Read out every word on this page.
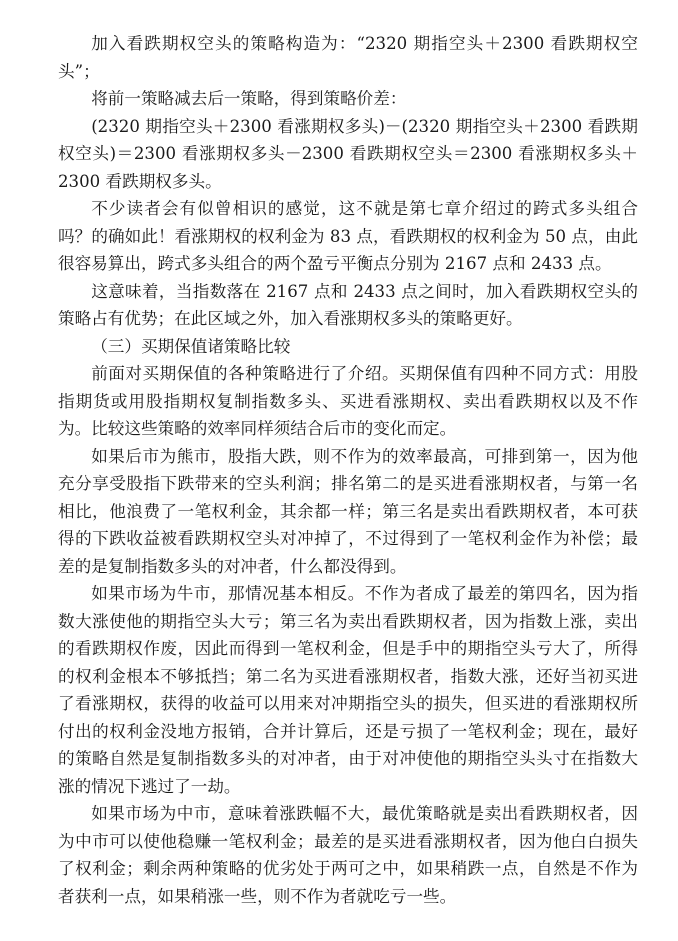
加入看跌期权空头的策略构造为：“2320 期指空头＋2300 看跌期权空头”；

将前一策略减去后一策略，得到策略价差：

(2320 期指空头＋2300 看涨期权多头)－(2320 期指空头＋2300 看跌期权空头)＝2300 看涨期权多头－2300 看跌期权空头＝2300 看涨期权多头＋2300 看跌期权多头。

不少读者会有似曾相识的感觉，这不就是第七章介绍过的跨式多头组合吗？的确如此！看涨期权的权利金为 83 点，看跌期权的权利金为 50 点，由此很容易算出，跨式多头组合的两个盈亏平衡点分别为 2167 点和 2433 点。

这意味着，当指数落在 2167 点和 2433 点之间时，加入看跌期权空头的策略占有优势；在此区域之外，加入看涨期权多头的策略更好。

（三）买期保值诸策略比较

前面对买期保值的各种策略进行了介绍。买期保值有四种不同方式：用股指期货或用股指期权复制指数多头、买进看涨期权、卖出看跌期权以及不作为。比较这些策略的效率同样须结合后市的变化而定。

如果后市为熊市，股指大跌，则不作为的效率最高，可排到第一，因为他充分享受股指下跌带来的空头利润；排名第二的是买进看涨期权者，与第一名相比，他浪费了一笔权利金，其余都一样；第三名是卖出看跌期权者，本可获得的下跌收益被看跌期权空头对冲掉了，不过得到了一笔权利金作为补偿；最差的是复制指数多头的对冲者，什么都没得到。

如果市场为牛市，那情况基本相反。不作为者成了最差的第四名，因为指数大涨使他的期指空头大亏；第三名为卖出看跌期权者，因为指数上涨，卖出的看跌期权作废，因此而得到一笔权利金，但是手中的期指空头亏大了，所得的权利金根本不够抵挡；第二名为买进看涨期权者，指数大涨，还好当初买进了看涨期权，获得的收益可以用来对冲期指空头的损失，但买进的看涨期权所付出的权利金没地方报销，合并计算后，还是亏损了一笔权利金；现在，最好的策略自然是复制指数多头的对冲者，由于对冲使他的期指空头头寸在指数大涨的情况下逃过了一劫。

如果市场为中市，意味着涨跌幅不大，最优策略就是卖出看跌期权者，因为中市可以使他稳赚一笔权利金；最差的是买进看涨期权者，因为他白白损失了权利金；剩余两种策略的优劣处于两可之中，如果稍跌一点，自然是不作为者获利一点，如果稍涨一些，则不作为者就吃亏一些。
